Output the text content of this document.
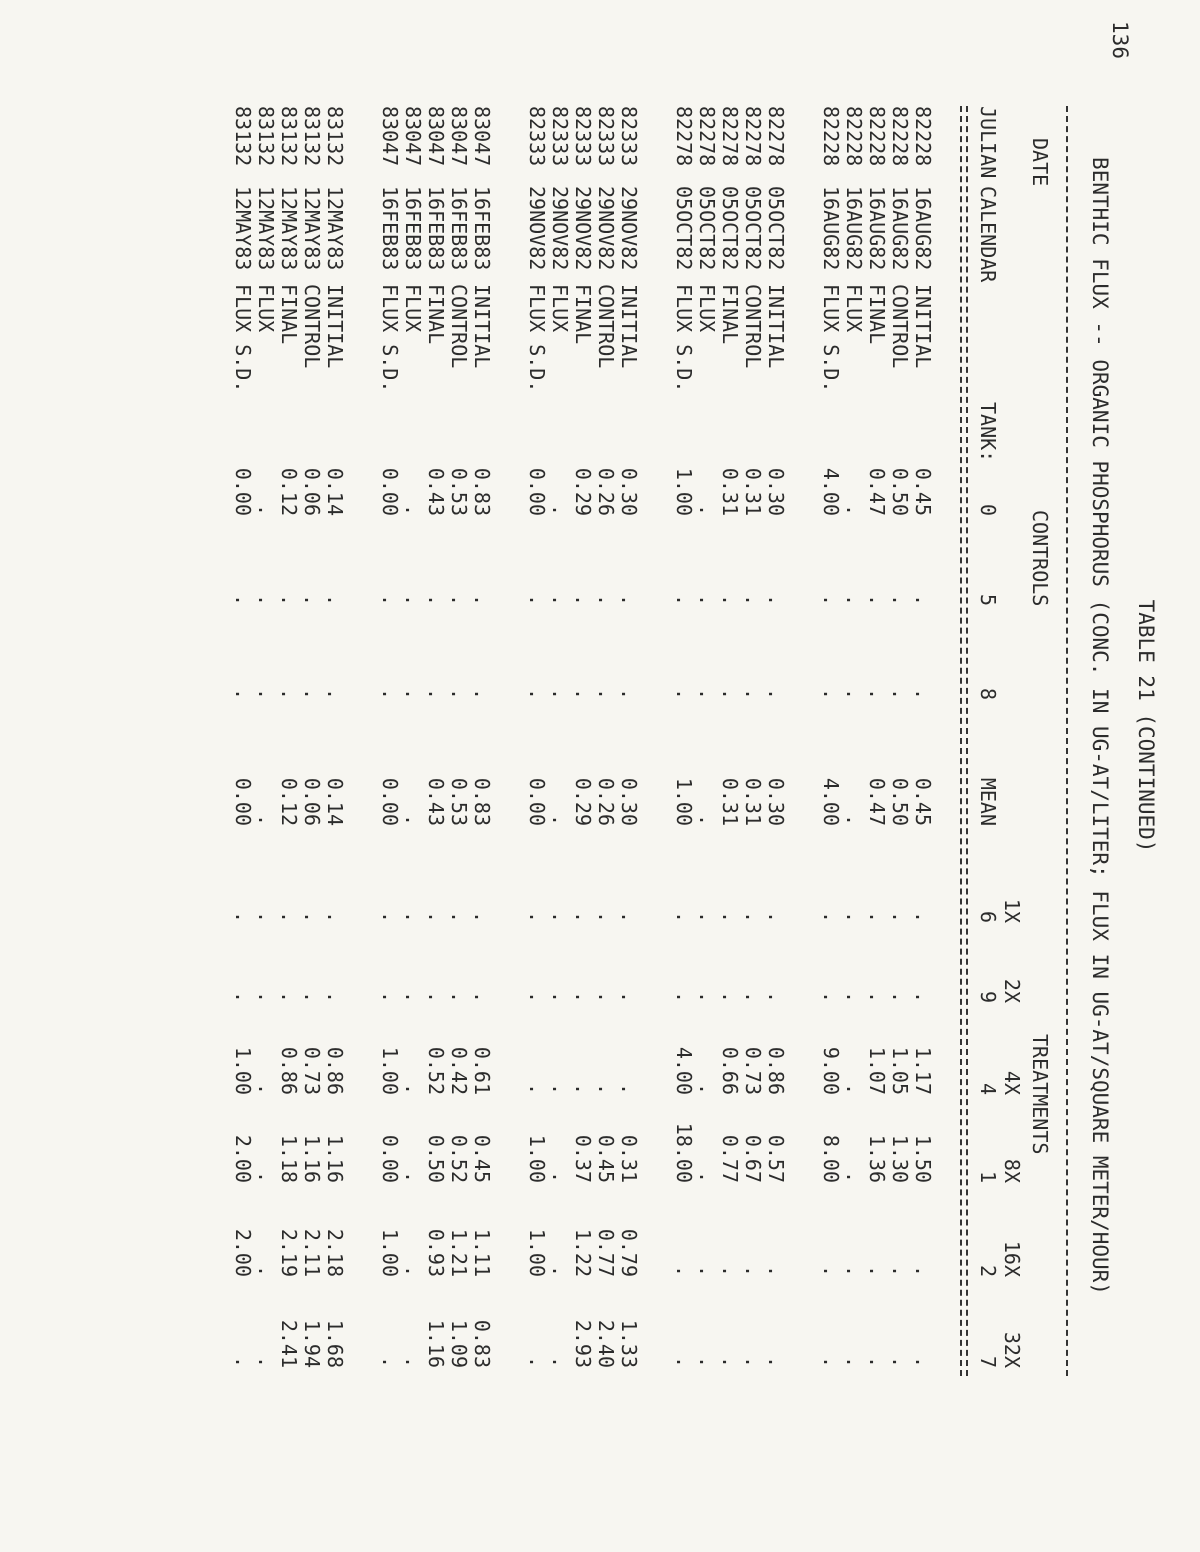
136
TABLE 21 (CONTINUED)
BENTHIC FLUX -- ORGANIC PHOSPHORUS (CONC. IN UG-AT/LITER; FLUX IN UG-AT/SQUARE METER/HOUR)
DATE
CONTROLS
TREATMENTS
JULIAN
CALENDAR
TANK:
1X
2X
4X
8X
16X
32X
0
5
8
MEAN
6
9
4
1
2
7
82228
16AUG82
INITIAL
0.45
.
.
0.45
.
.
1.17
1.50
.
.
82228
16AUG82
CONTROL
0.50
.
.
0.50
.
.
1.05
1.30
.
.
82228
16AUG82
FINAL
0.47
.
.
0.47
.
.
1.07
1.36
.
.
82228
16AUG82
FLUX
.
.
.
.
.
.
.
.
.
.
82228
16AUG82
FLUX S.D.
4.00
.
.
4.00
.
.
9.00
8.00
.
.
82278
05OCT82
INITIAL
0.30
.
.
0.30
.
.
0.86
0.57
.
.
82278
05OCT82
CONTROL
0.31
.
.
0.31
.
.
0.73
0.67
.
.
82278
05OCT82
FINAL
0.31
.
.
0.31
.
.
0.66
0.77
.
.
82278
05OCT82
FLUX
.
.
.
.
.
.
.
.
.
.
82278
05OCT82
FLUX S.D.
1.00
.
.
1.00
.
.
4.00
18.00
.
.
82333
29NOV82
INITIAL
0.30
.
.
0.30
.
.
.
0.31
0.79
1.33
82333
29NOV82
CONTROL
0.26
.
.
0.26
.
.
.
0.45
0.77
2.40
82333
29NOV82
FINAL
0.29
.
.
0.29
.
.
.
0.37
1.22
2.93
82333
29NOV82
FLUX
.
.
.
.
.
.
.
.
.
.
82333
29NOV82
FLUX S.D.
0.00
.
.
0.00
.
.
.
1.00
1.00
.
83047
16FEB83
INITIAL
0.83
.
.
0.83
.
.
0.61
0.45
1.11
0.83
83047
16FEB83
CONTROL
0.53
.
.
0.53
.
.
0.42
0.52
1.21
1.09
83047
16FEB83
FINAL
0.43
.
.
0.43
.
.
0.52
0.50
0.93
1.16
83047
16FEB83
FLUX
.
.
.
.
.
.
.
.
.
.
83047
16FEB83
FLUX S.D.
0.00
.
.
0.00
.
.
1.00
0.00
1.00
.
83132
12MAY83
INITIAL
0.14
.
.
0.14
.
.
0.86
1.16
2.18
1.68
83132
12MAY83
CONTROL
0.06
.
.
0.06
.
.
0.73
1.16
2.11
1.94
83132
12MAY83
FINAL
0.12
.
.
0.12
.
.
0.86
1.18
2.19
2.41
83132
12MAY83
FLUX
.
.
.
.
.
.
.
.
.
.
83132
12MAY83
FLUX S.D.
0.00
.
.
0.00
.
.
1.00
2.00
2.00
.
